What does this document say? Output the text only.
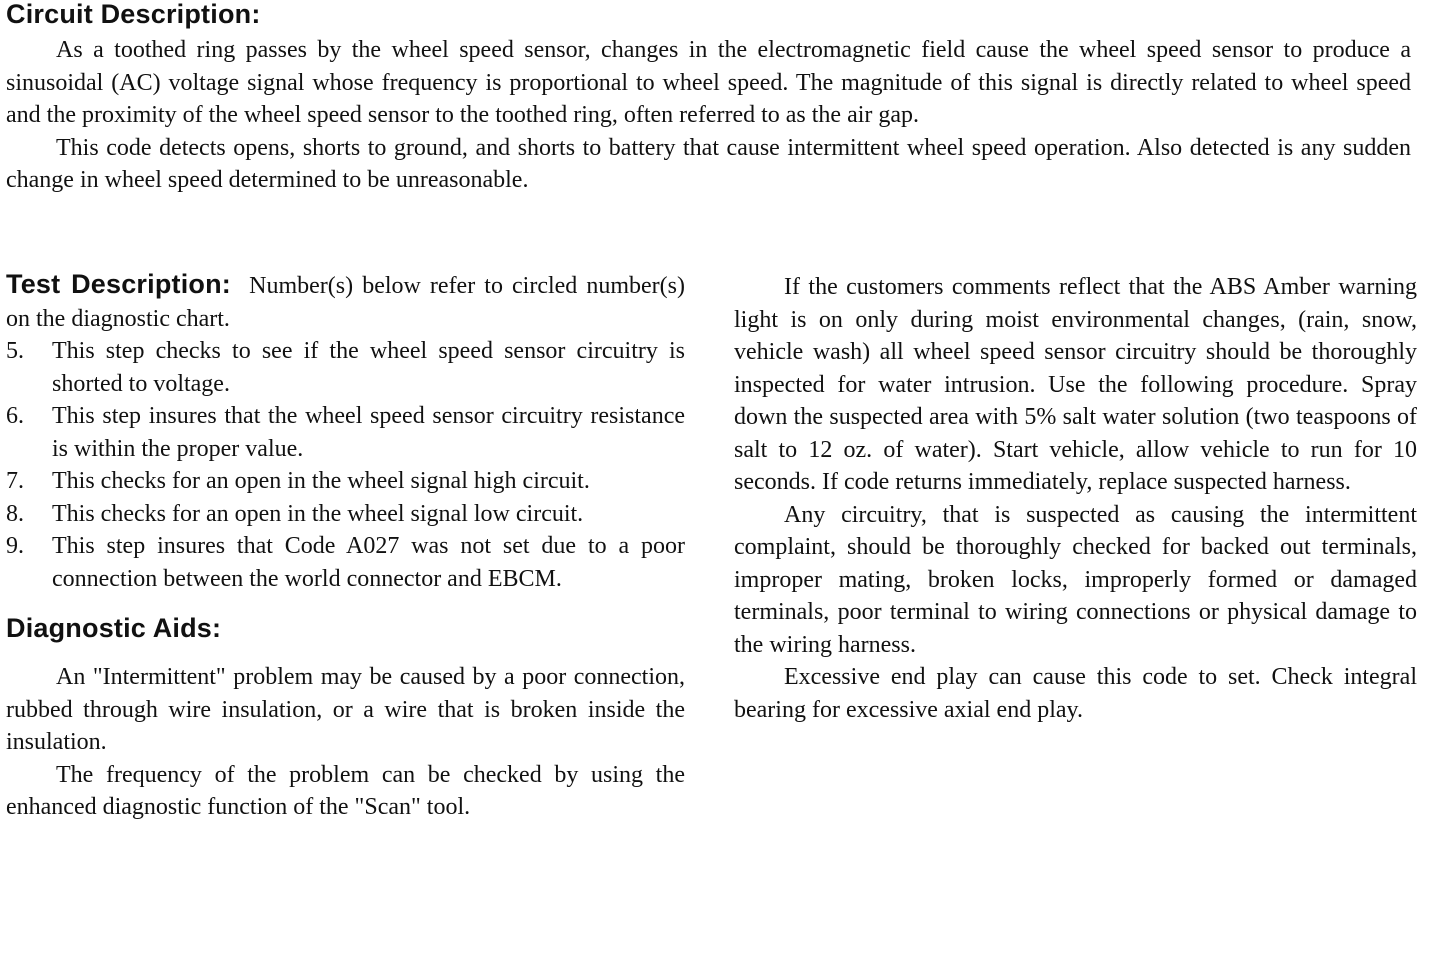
Circuit Description:

As a toothed ring passes by the wheel speed sensor, changes in the electromagnetic field cause the wheel speed sensor to produce a sinusoidal (AC) voltage signal whose frequency is proportional to wheel speed. The magnitude of this signal is directly related to wheel speed and the proximity of the wheel speed sensor to the toothed ring, often referred to as the air gap.

This code detects opens, shorts to ground, and shorts to battery that cause intermittent wheel speed operation. Also detected is any sudden change in wheel speed determined to be unreasonable.

Test Description: Number(s) below refer to circled number(s) on the diagnostic chart.

5. This step checks to see if the wheel speed sensor circuitry is shorted to voltage.
6. This step insures that the wheel speed sensor circuitry resistance is within the proper value.
7. This checks for an open in the wheel signal high circuit.
8. This checks for an open in the wheel signal low circuit.
9. This step insures that Code A027 was not set due to a poor connection between the world connector and EBCM.
Diagnostic Aids:

An "Intermittent" problem may be caused by a poor connection, rubbed through wire insulation, or a wire that is broken inside the insulation.

The frequency of the problem can be checked by using the enhanced diagnostic function of the "Scan" tool.

If the customers comments reflect that the ABS Amber warning light is on only during moist environmental changes, (rain, snow, vehicle wash) all wheel speed sensor circuitry should be thoroughly inspected for water intrusion. Use the following procedure. Spray down the suspected area with 5% salt water solution (two teaspoons of salt to 12 oz. of water). Start vehicle, allow vehicle to run for 10 seconds. If code returns immediately, replace suspected harness.

Any circuitry, that is suspected as causing the intermittent complaint, should be thoroughly checked for backed out terminals, improper mating, broken locks, improperly formed or damaged terminals, poor terminal to wiring connections or physical damage to the wiring harness.

Excessive end play can cause this code to set. Check integral bearing for excessive axial end play.
